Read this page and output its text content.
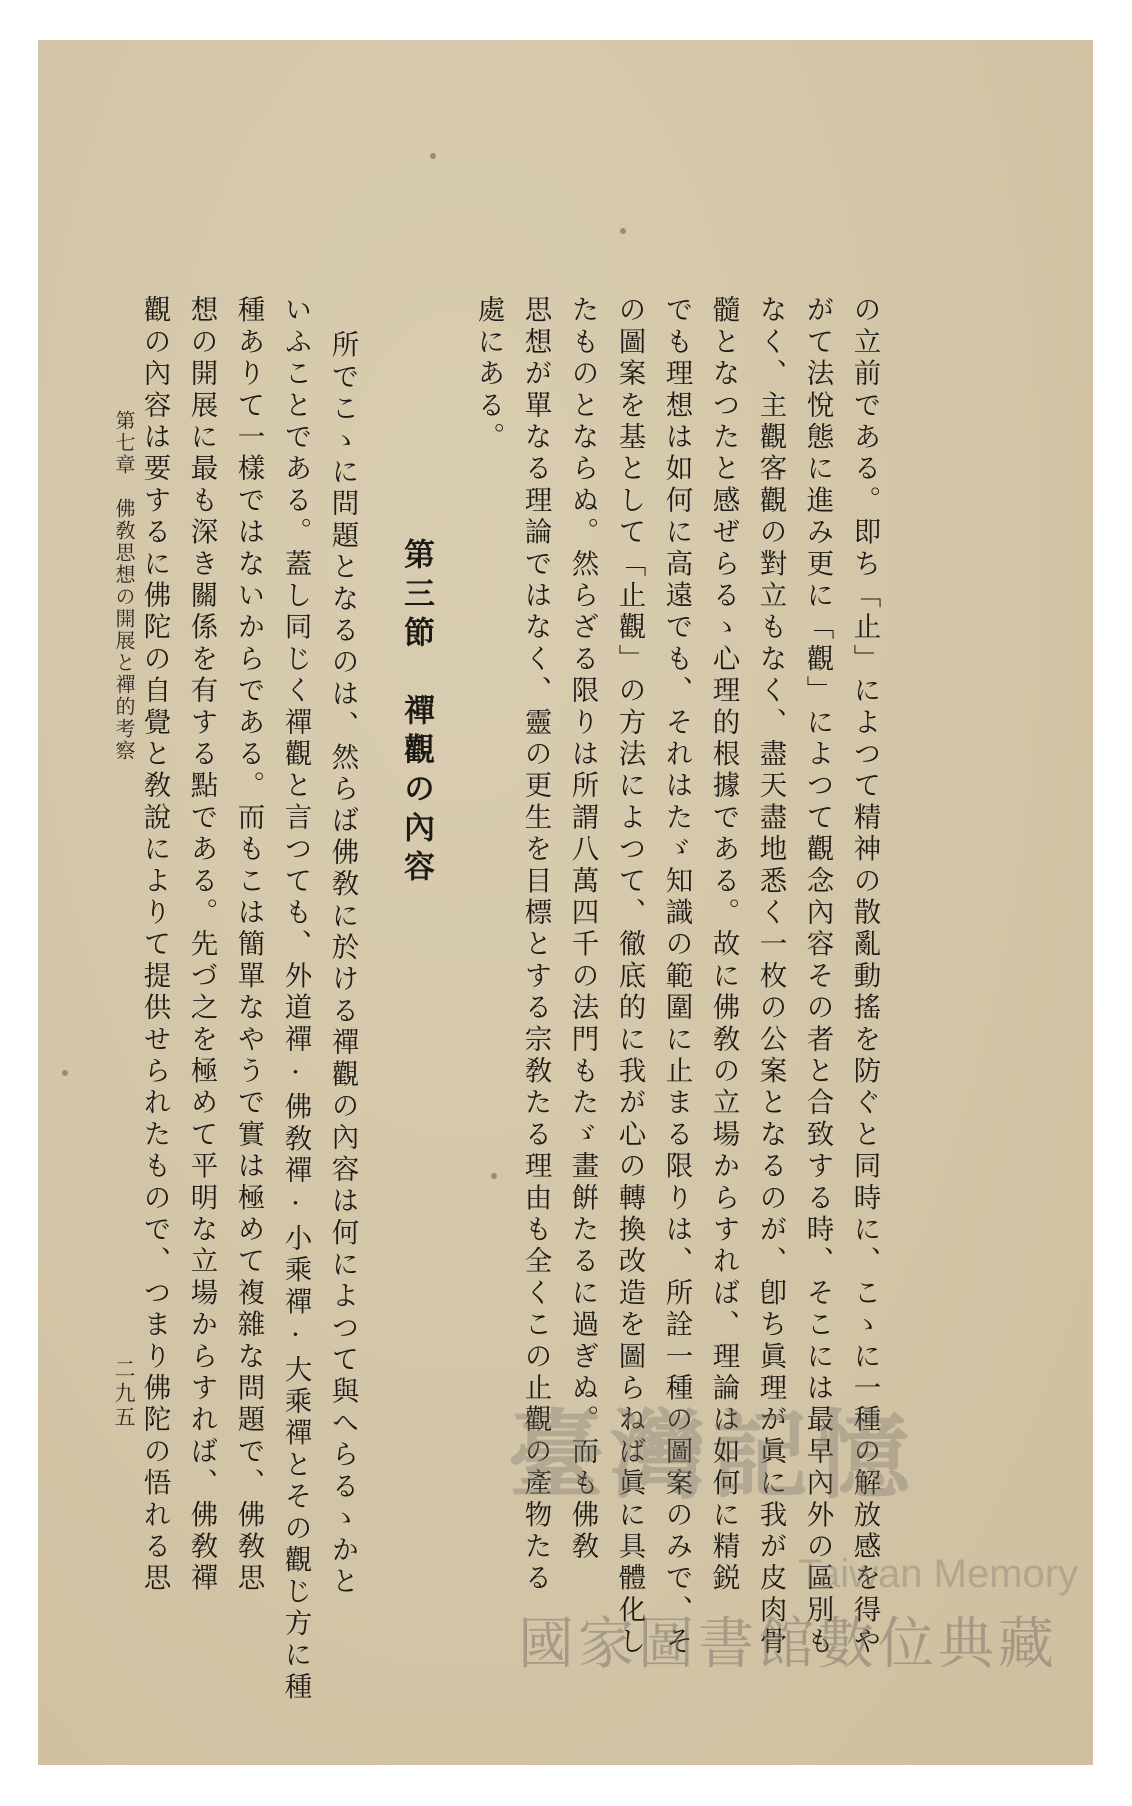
の立前である。即ち「止」によつて精神の散亂動搖を防ぐと同時に、こゝに一種の解放感を得や
がて法悅態に進み更に「觀」によつて觀念內容その者と合致する時、そこには最早內外の區別も
なく、主觀客觀の對立もなく、盡天盡地悉く一枚の公案となるのが、卽ち眞理が眞に我が皮肉骨
髓となつたと感ぜらるゝ心理的根據である。故に佛敎の立場からすれば、理論は如何に精鋭
でも理想は如何に高遠でも、それはたゞ知識の範圍に止まる限りは、所詮一種の圖案のみで、そ
の圖案を基として「止觀」の方法によつて、徹底的に我が心の轉換改造を圖らねば眞に具體化し
たものとならぬ。然らざる限りは所謂八萬四千の法門もたゞ畫餠たるに過ぎぬ。而も佛敎
思想が單なる理論ではなく、靈の更生を目標とする宗敎たる理由も全くこの止觀の產物たる
處にある。
第三節　禪觀の內容
所でこゝに問題となるのは、然らば佛敎に於ける禪觀の內容は何によつて與へらるゝかと
いふことである。蓋し同じく禪觀と言つても、外道禪·佛敎禪·小乘禪·大乘禪とその觀じ方に種
種ありて一樣ではないからである。而もこは簡單なやうで實は極めて複雜な問題で、佛敎思
想の開展に最も深き關係を有する點である。先づ之を極めて平明な立場からすれば、佛敎禪
觀の內容は要するに佛陀の自覺と敎說によりて提供せられたもので、つまり佛陀の悟れる思
第七章　佛敎思想の開展と禪的考察
二九五
臺灣記憶
Taiwan Memory
國家圖書館數位典藏
